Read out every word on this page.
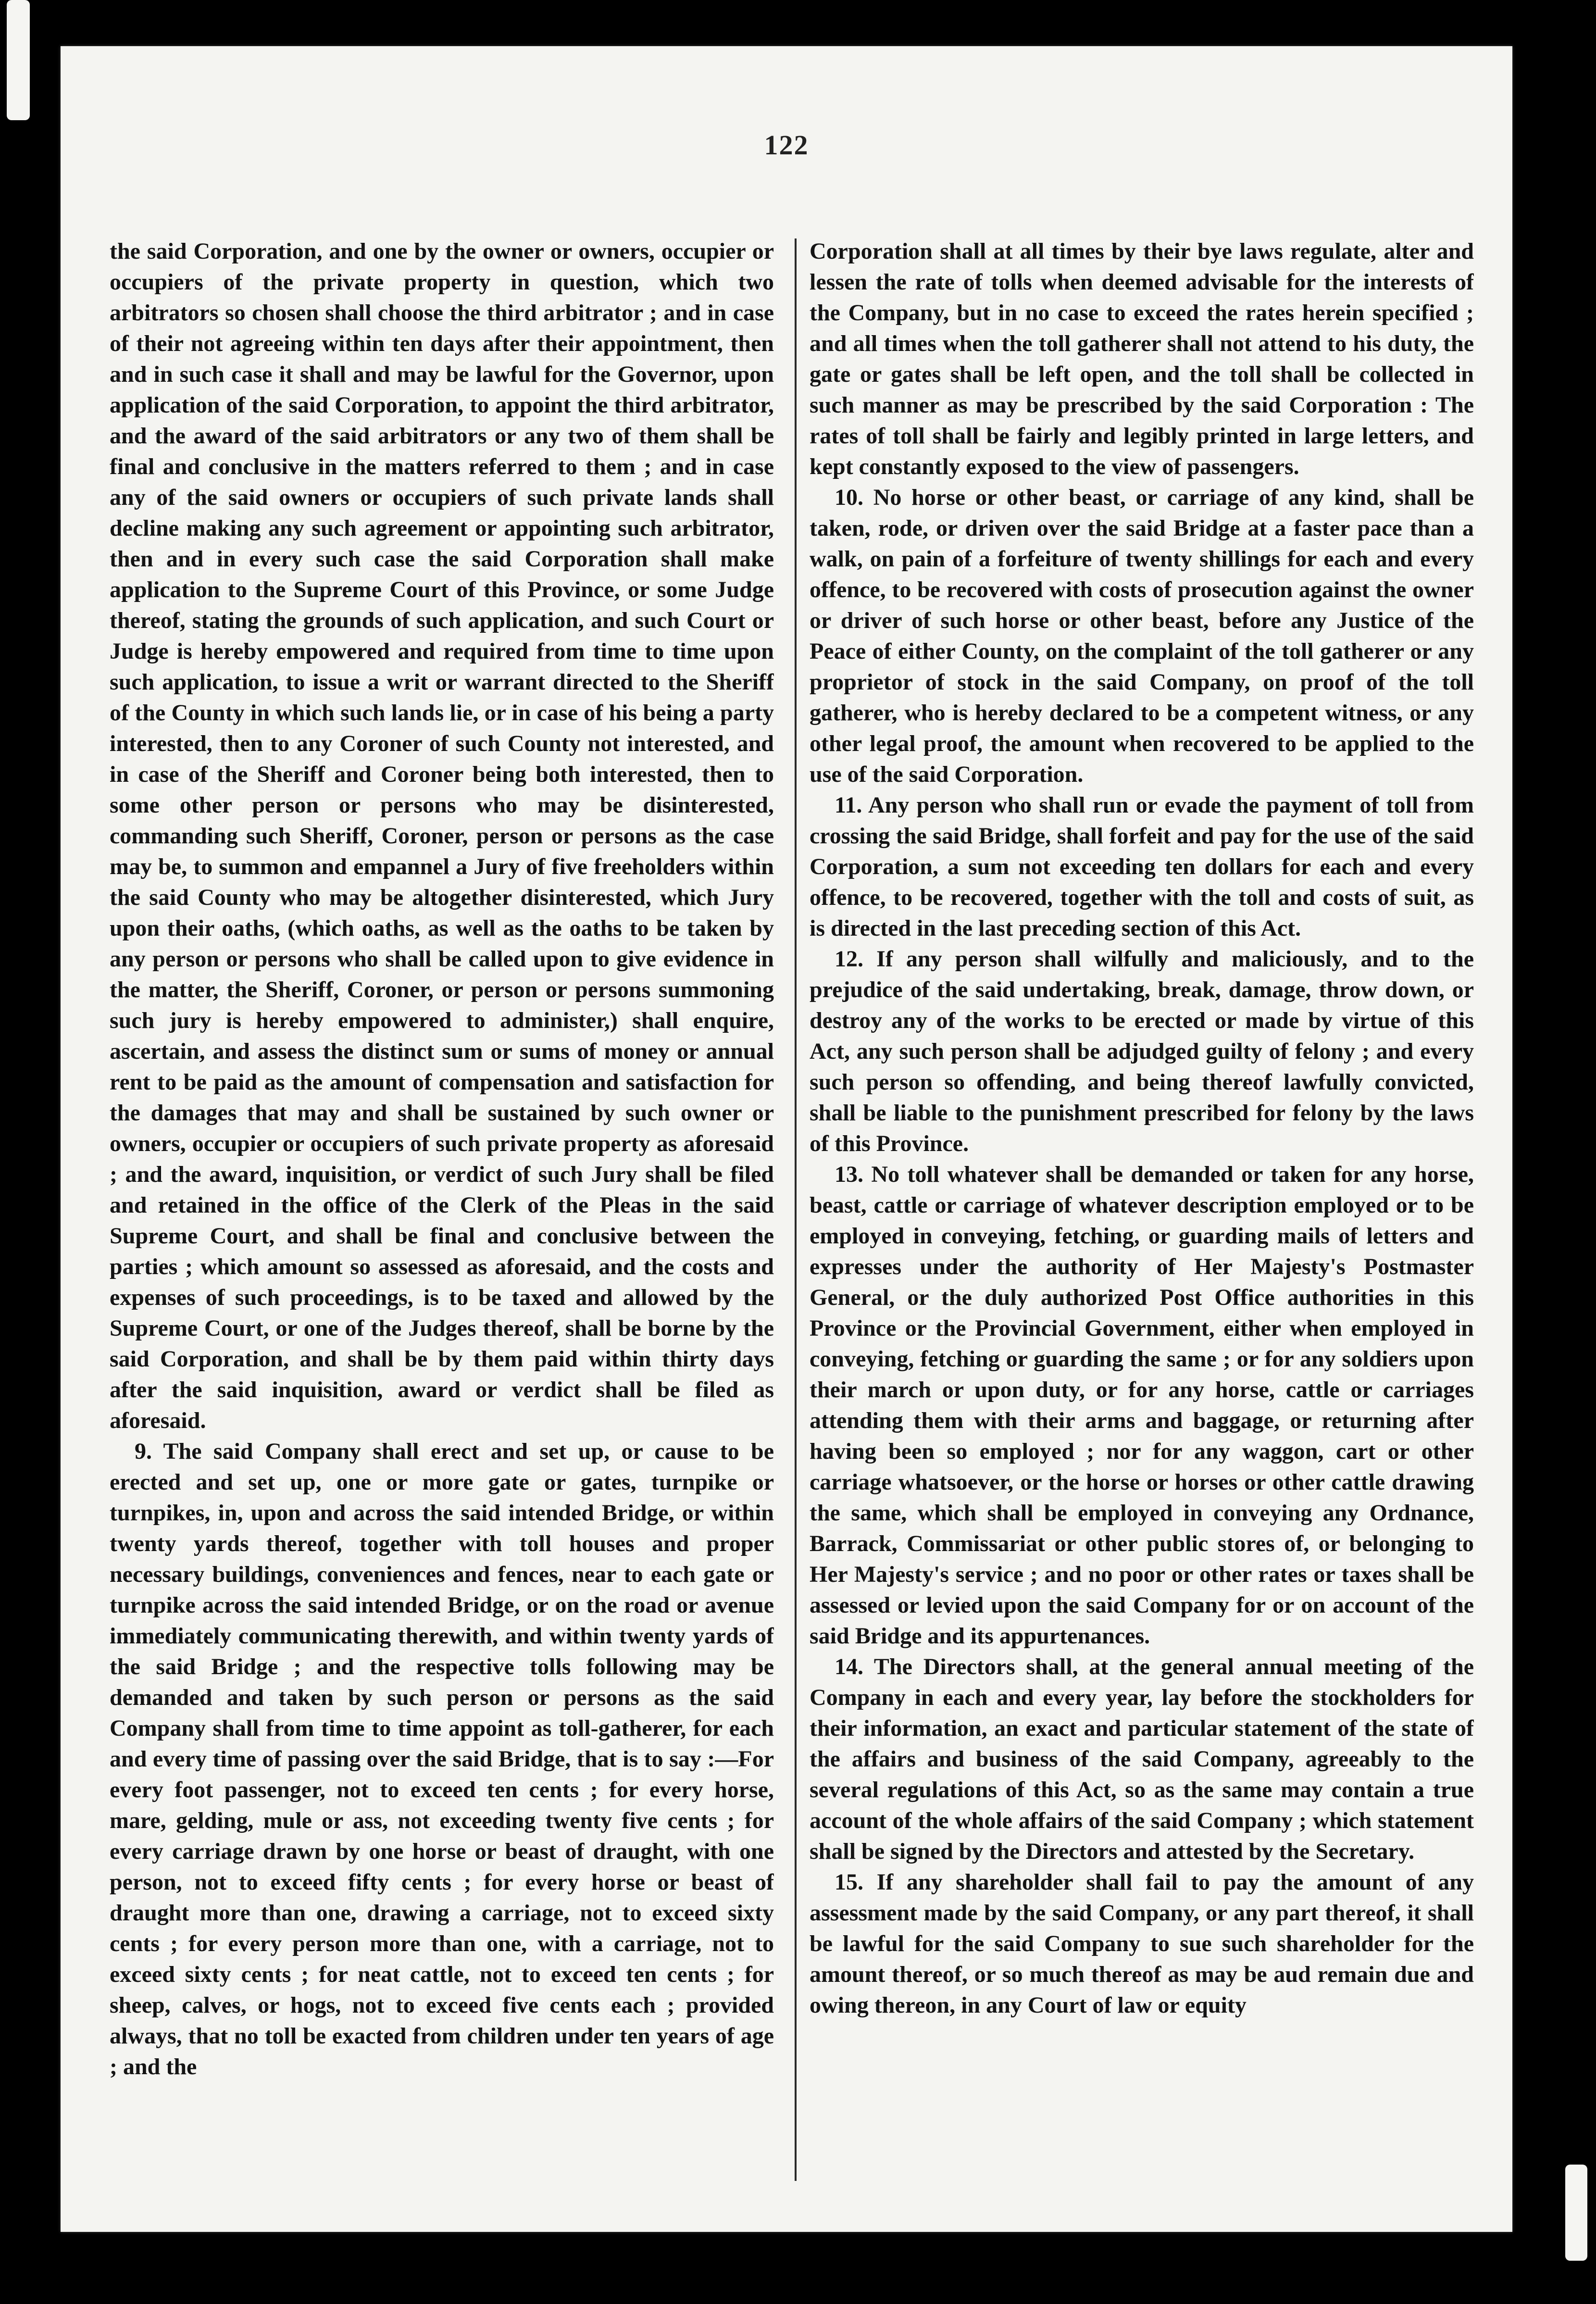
122

the said Corporation, and one by the owner or owners, occupier or occupiers of the private property in question, which two arbitrators so chosen shall choose the third arbitrator ; and in case of their not agreeing within ten days after their appointment, then and in such case it shall and may be lawful for the Governor, upon application of the said Corporation, to appoint the third arbitrator, and the award of the said arbitrators or any two of them shall be final and conclusive in the matters referred to them ; and in case any of the said owners or occupiers of such private lands shall decline making any such agreement or appointing such arbitrator, then and in every such case the said Corporation shall make application to the Supreme Court of this Province, or some Judge thereof, stating the grounds of such application, and such Court or Judge is hereby empowered and required from time to time upon such application, to issue a writ or warrant directed to the Sheriff of the County in which such lands lie, or in case of his being a party interested, then to any Coroner of such County not interested, and in case of the Sheriff and Coroner being both interested, then to some other person or persons who may be disinterested, commanding such Sheriff, Coroner, person or persons as the case may be, to summon and empannel a Jury of five freeholders within the said County who may be altogether disinterested, which Jury upon their oaths, (which oaths, as well as the oaths to be taken by any person or persons who shall be called upon to give evidence in the matter, the Sheriff, Coroner, or person or persons summoning such jury is hereby empowered to administer,) shall enquire, ascertain, and assess the distinct sum or sums of money or annual rent to be paid as the amount of compensation and satisfaction for the damages that may and shall be sustained by such owner or owners, occupier or occupiers of such private property as aforesaid ; and the award, inquisition, or verdict of such Jury shall be filed and retained in the office of the Clerk of the Pleas in the said Supreme Court, and shall be final and conclusive between the parties ; which amount so assessed as aforesaid, and the costs and expenses of such proceedings, is to be taxed and allowed by the Supreme Court, or one of the Judges thereof, shall be borne by the said Corporation, and shall be by them paid within thirty days after the said inquisition, award or verdict shall be filed as aforesaid.

9. The said Company shall erect and set up, or cause to be erected and set up, one or more gate or gates, turnpike or turnpikes, in, upon and across the said intended Bridge, or within twenty yards thereof, together with toll houses and proper necessary buildings, conveniences and fences, near to each gate or turnpike across the said intended Bridge, or on the road or avenue immediately communicating therewith, and within twenty yards of the said Bridge ; and the respective tolls following may be demanded and taken by such person or persons as the said Company shall from time to time appoint as toll-gatherer, for each and every time of passing over the said Bridge, that is to say :—For every foot passenger, not to exceed ten cents ; for every horse, mare, gelding, mule or ass, not exceeding twenty five cents ; for every carriage drawn by one horse or beast of draught, with one person, not to exceed fifty cents ; for every horse or beast of draught more than one, drawing a carriage, not to exceed sixty cents ; for every person more than one, with a carriage, not to exceed sixty cents ; for neat cattle, not to exceed ten cents ; for sheep, calves, or hogs, not to exceed five cents each ; provided always, that no toll be exacted from children under ten years of age ; and the

Corporation shall at all times by their bye laws regulate, alter and lessen the rate of tolls when deemed advisable for the interests of the Company, but in no case to exceed the rates herein specified ; and all times when the toll gatherer shall not attend to his duty, the gate or gates shall be left open, and the toll shall be collected in such manner as may be prescribed by the said Corporation : The rates of toll shall be fairly and legibly printed in large letters, and kept constantly exposed to the view of passengers.

10. No horse or other beast, or carriage of any kind, shall be taken, rode, or driven over the said Bridge at a faster pace than a walk, on pain of a forfeiture of twenty shillings for each and every offence, to be recovered with costs of prosecution against the owner or driver of such horse or other beast, before any Justice of the Peace of either County, on the complaint of the toll gatherer or any proprietor of stock in the said Company, on proof of the toll gatherer, who is hereby declared to be a competent witness, or any other legal proof, the amount when recovered to be applied to the use of the said Corporation.

11. Any person who shall run or evade the payment of toll from crossing the said Bridge, shall forfeit and pay for the use of the said Corporation, a sum not exceeding ten dollars for each and every offence, to be recovered, together with the toll and costs of suit, as is directed in the last preceding section of this Act.

12. If any person shall wilfully and maliciously, and to the prejudice of the said undertaking, break, damage, throw down, or destroy any of the works to be erected or made by virtue of this Act, any such person shall be adjudged guilty of felony ; and every such person so offending, and being thereof lawfully convicted, shall be liable to the punishment prescribed for felony by the laws of this Province.

13. No toll whatever shall be demanded or taken for any horse, beast, cattle or carriage of whatever description employed or to be employed in conveying, fetching, or guarding mails of letters and expresses under the authority of Her Majesty's Postmaster General, or the duly authorized Post Office authorities in this Province or the Provincial Government, either when employed in conveying, fetching or guarding the same ; or for any soldiers upon their march or upon duty, or for any horse, cattle or carriages attending them with their arms and baggage, or returning after having been so employed ; nor for any waggon, cart or other carriage whatsoever, or the horse or horses or other cattle drawing the same, which shall be employed in conveying any Ordnance, Barrack, Commissariat or other public stores of, or belonging to Her Majesty's service ; and no poor or other rates or taxes shall be assessed or levied upon the said Company for or on account of the said Bridge and its appurtenances.

14. The Directors shall, at the general annual meeting of the Company in each and every year, lay before the stockholders for their information, an exact and particular statement of the state of the affairs and business of the said Company, agreeably to the several regulations of this Act, so as the same may contain a true account of the whole affairs of the said Company ; which statement shall be signed by the Directors and attested by the Secretary.

15. If any shareholder shall fail to pay the amount of any assessment made by the said Company, or any part thereof, it shall be lawful for the said Company to sue such shareholder for the amount thereof, or so much thereof as may be aud remain due and owing thereon, in any Court of law or equity
